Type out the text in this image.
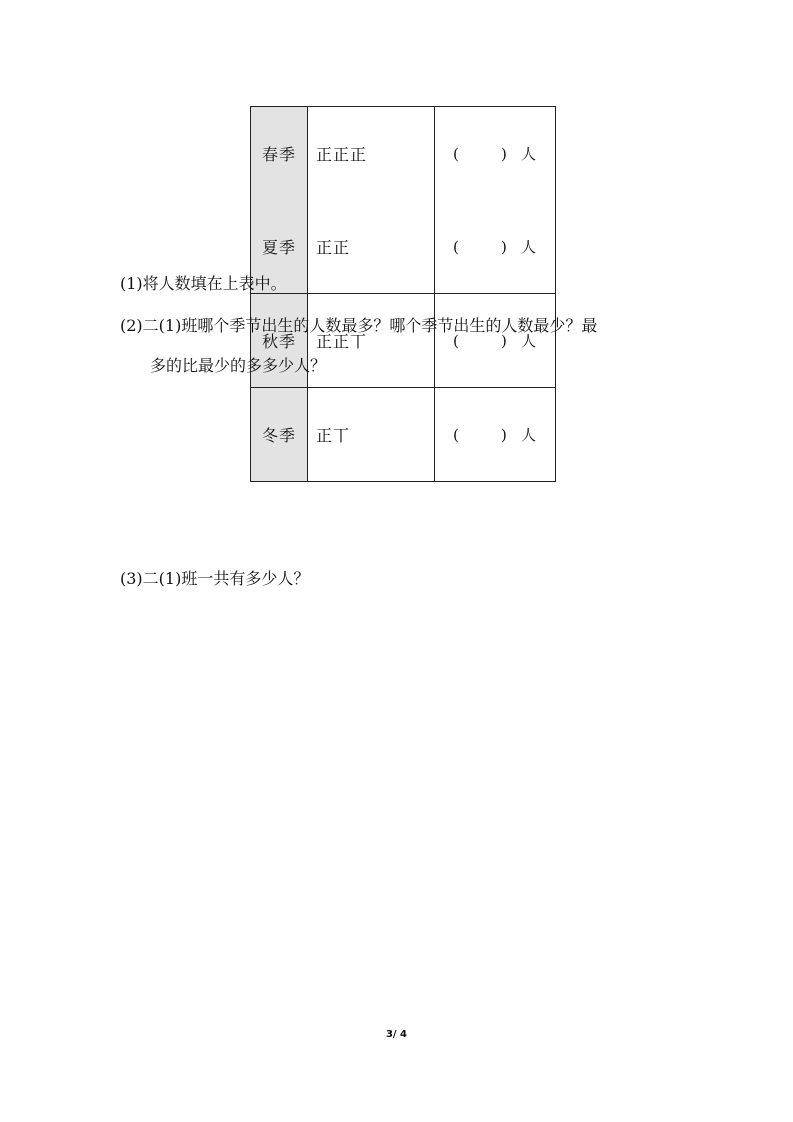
春季	正正正	( ) 人

夏季	正正	( ) 人

秋季	正正丅	( ) 人

冬季	正丅	( ) 人

(1)将人数填在上表中。
(2)二(1)班哪个季节出生的人数最多？哪个季节出生的人数最少？最
多的比最少的多多少人？
(3)二(1)班一共有多少人？
3/ 4
